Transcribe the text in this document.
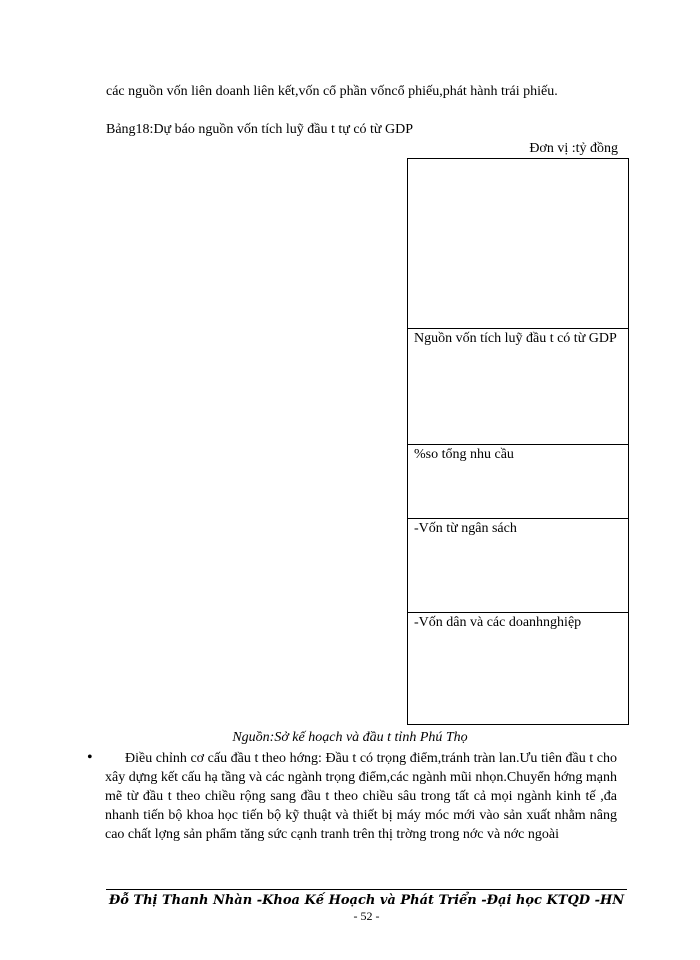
các nguồn vốn liên doanh liên kết,vốn cổ phần vốncổ phiếu,phát hành trái phiếu.
Bảng18:Dự báo nguồn vốn tích luỹ đầu t tự có từ GDP
Đơn vị :tỷ đồng
Nguồn vốn tích luỹ đầu t có từ GDP
%so tổng nhu cầu
-Vốn từ ngân sách
-Vốn dân và các doanhnghiệp
Nguồn:Sở kế hoạch và đầu t tỉnh Phú Thọ
•	Điều chỉnh cơ cấu đầu t theo hớng: Đầu t có trọng điểm,tránh tràn lan.Ưu tiên đầu t cho xây dựng kết cấu hạ tầng và các ngành trọng điểm,các ngành mũi nhọn.Chuyển hớng mạnh mẽ từ đầu t theo chiều rộng sang đầu t theo chiều sâu trong tất cả mọi ngành kinh tế ,đa nhanh tiến bộ khoa học tiến bộ kỹ thuật và thiết bị máy móc mới vào sản xuất nhằm nâng cao chất lợng sản phẩm tăng sức cạnh tranh trên thị trờng trong nớc và nớc ngoài
Đỗ Thị Thanh Nhàn -Khoa Kế Hoạch và Phát Triển -Đại học KTQD -HN
- 52 -
